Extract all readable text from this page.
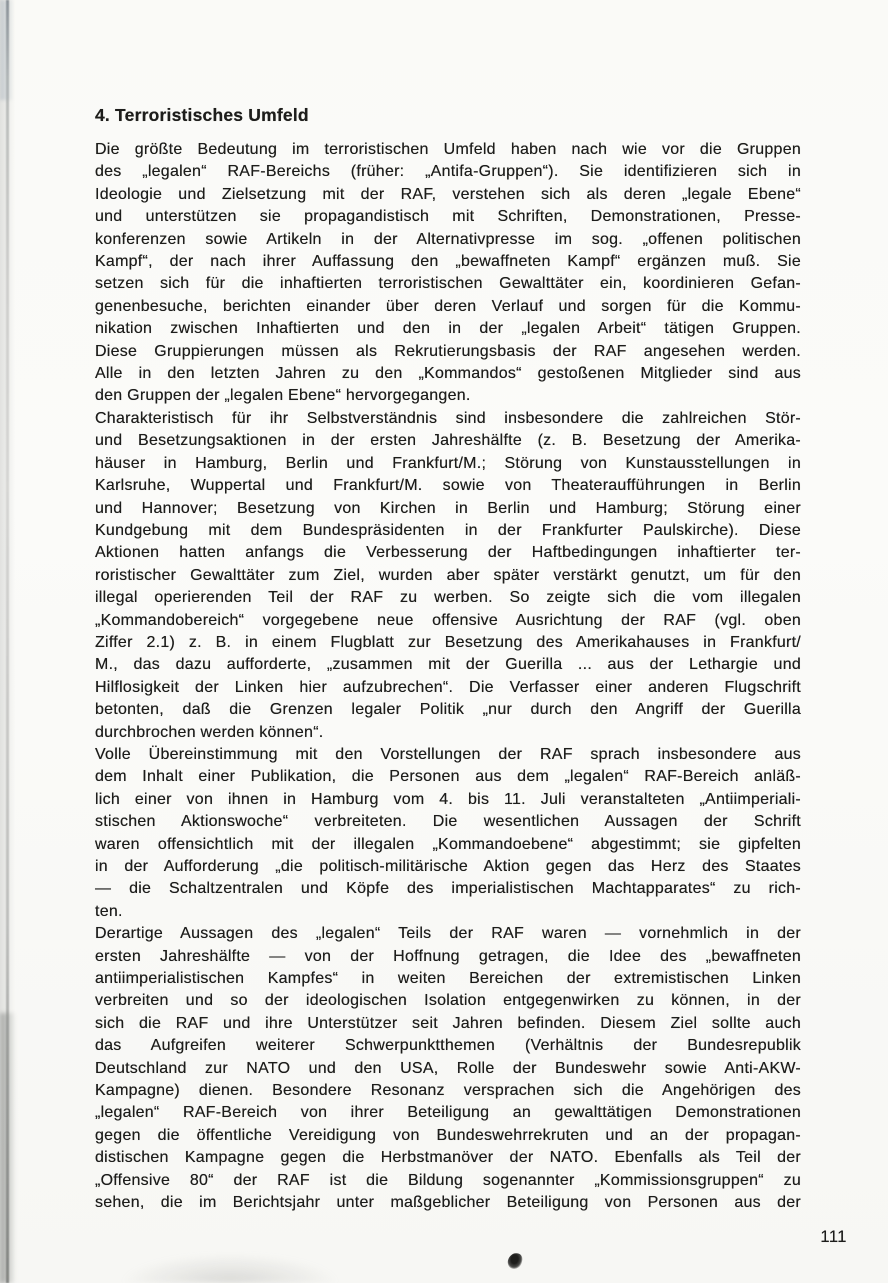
4. Terroristisches Umfeld
Die größte Bedeutung im terroristischen Umfeld haben nach wie vor die Gruppen
des „legalen“ RAF-Bereichs (früher: „Antifa-Gruppen“). Sie identifizieren sich in
Ideologie und Zielsetzung mit der RAF, verstehen sich als deren „legale Ebene“
und unterstützen sie propagandistisch mit Schriften, Demonstrationen, Presse-
konferenzen sowie Artikeln in der Alternativpresse im sog. „offenen politischen
Kampf“, der nach ihrer Auffassung den „bewaffneten Kampf“ ergänzen muß. Sie
setzen sich für die inhaftierten terroristischen Gewalttäter ein, koordinieren Gefan-
genenbesuche, berichten einander über deren Verlauf und sorgen für die Kommu-
nikation zwischen Inhaftierten und den in der „legalen Arbeit“ tätigen Gruppen.
Diese Gruppierungen müssen als Rekrutierungsbasis der RAF angesehen werden.
Alle in den letzten Jahren zu den „Kommandos“ gestoßenen Mitglieder sind aus
den Gruppen der „legalen Ebene“ hervorgegangen.
Charakteristisch für ihr Selbstverständnis sind insbesondere die zahlreichen Stör-
und Besetzungsaktionen in der ersten Jahreshälfte (z. B. Besetzung der Amerika-
häuser in Hamburg, Berlin und Frankfurt/M.; Störung von Kunstausstellungen in
Karlsruhe, Wuppertal und Frankfurt/M. sowie von Theateraufführungen in Berlin
und Hannover; Besetzung von Kirchen in Berlin und Hamburg; Störung einer
Kundgebung mit dem Bundespräsidenten in der Frankfurter Paulskirche). Diese
Aktionen hatten anfangs die Verbesserung der Haftbedingungen inhaftierter ter-
roristischer Gewalttäter zum Ziel, wurden aber später verstärkt genutzt, um für den
illegal operierenden Teil der RAF zu werben. So zeigte sich die vom illegalen
„Kommandobereich“ vorgegebene neue offensive Ausrichtung der RAF (vgl. oben
Ziffer 2.1) z. B. in einem Flugblatt zur Besetzung des Amerikahauses in Frankfurt/
M., das dazu aufforderte, „zusammen mit der Guerilla ... aus der Lethargie und
Hilflosigkeit der Linken hier aufzubrechen“. Die Verfasser einer anderen Flugschrift
betonten, daß die Grenzen legaler Politik „nur durch den Angriff der Guerilla
durchbrochen werden können“.
Volle Übereinstimmung mit den Vorstellungen der RAF sprach insbesondere aus
dem Inhalt einer Publikation, die Personen aus dem „legalen“ RAF-Bereich anläß-
lich einer von ihnen in Hamburg vom 4. bis 11. Juli veranstalteten „Antiimperiali-
stischen Aktionswoche“ verbreiteten. Die wesentlichen Aussagen der Schrift
waren offensichtlich mit der illegalen „Kommandoebene“ abgestimmt; sie gipfelten
in der Aufforderung „die politisch-militärische Aktion gegen das Herz des Staates
— die Schaltzentralen und Köpfe des imperialistischen Machtapparates“ zu rich-
ten.
Derartige Aussagen des „legalen“ Teils der RAF waren — vornehmlich in der
ersten Jahreshälfte — von der Hoffnung getragen, die Idee des „bewaffneten
antiimperialistischen Kampfes“ in weiten Bereichen der extremistischen Linken
verbreiten und so der ideologischen Isolation entgegenwirken zu können, in der
sich die RAF und ihre Unterstützer seit Jahren befinden. Diesem Ziel sollte auch
das Aufgreifen weiterer Schwerpunktthemen (Verhältnis der Bundesrepublik
Deutschland zur NATO und den USA, Rolle der Bundeswehr sowie Anti-AKW-
Kampagne) dienen. Besondere Resonanz versprachen sich die Angehörigen des
„legalen“ RAF-Bereich von ihrer Beteiligung an gewalttätigen Demonstrationen
gegen die öffentliche Vereidigung von Bundeswehrrekruten und an der propagan-
distischen Kampagne gegen die Herbstmanöver der NATO. Ebenfalls als Teil der
„Offensive 80“ der RAF ist die Bildung sogenannter „Kommissionsgruppen“ zu
sehen, die im Berichtsjahr unter maßgeblicher Beteiligung von Personen aus der
111
